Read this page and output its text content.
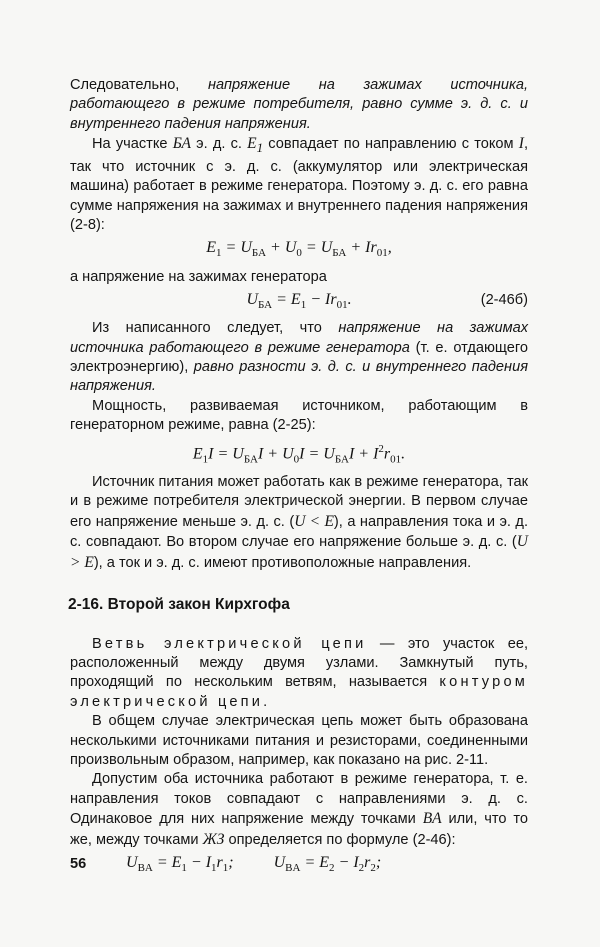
Следовательно, напряжение на зажимах источника, работающего в режиме потребителя, равно сумме э. д. с. и внутреннего падения напряжения.

На участке БА э. д. с. $E_1$ совпадает по направлению с током I, так что источник с э. д. с. (аккумулятор или электрическая машина) работает в режиме генератора. Поэтому э. д. с. его равна сумме напряжения на зажимах и внутреннего падения напряжения (2-8):

$E_1 = U_{БА} + U_0 = U_{БА} + Ir_{01}$,

а напряжение на зажимах генератора

$U_{БА} = E_1 - Ir_{01}$.	(2-46б)

Из написанного следует, что напряжение на зажимах источника работающего в режиме генератора (т. е. отдающего электроэнергию), равно разности э. д. с. и внутреннего падения напряжения.

Мощность, развиваемая источником, работающим в генераторном режиме, равна (2-25):

$E_1I = U_{БА}I + U_0I = U_{БА}I + I^2r_{01}$.

Источник питания может работать как в режиме генератора, так и в режиме потребителя электрической энергии. В первом случае его напряжение меньше э. д. с. (U < E), а направления тока и э. д. с. совпадают. Во втором случае его напряжение больше э. д. с. (U > E), а ток и э. д. с. имеют противоположные направления.

2-16. Второй закон Кирхгофа

Ветвь электрической цепи — это участок ее, расположенный между двумя узлами. Замкнутый путь, проходящий по нескольким ветвям, называется контуром электрической цепи.

В общем случае электрическая цепь может быть образована несколькими источниками питания и резисторами, соединенными произвольным образом, например, как показано на рис. 2-11.

Допустим оба источника работают в режиме генератора, т. е. направления токов совпадают с направлениями э. д. с. Одинаковое для них напряжение между точками BA или, что то же, между точками ЖЗ определяется по формуле (2-46):

$U_{BA} = E_1 - I_1r_1$;	$U_{BA} = E_2 - I_2r_2$;
56
